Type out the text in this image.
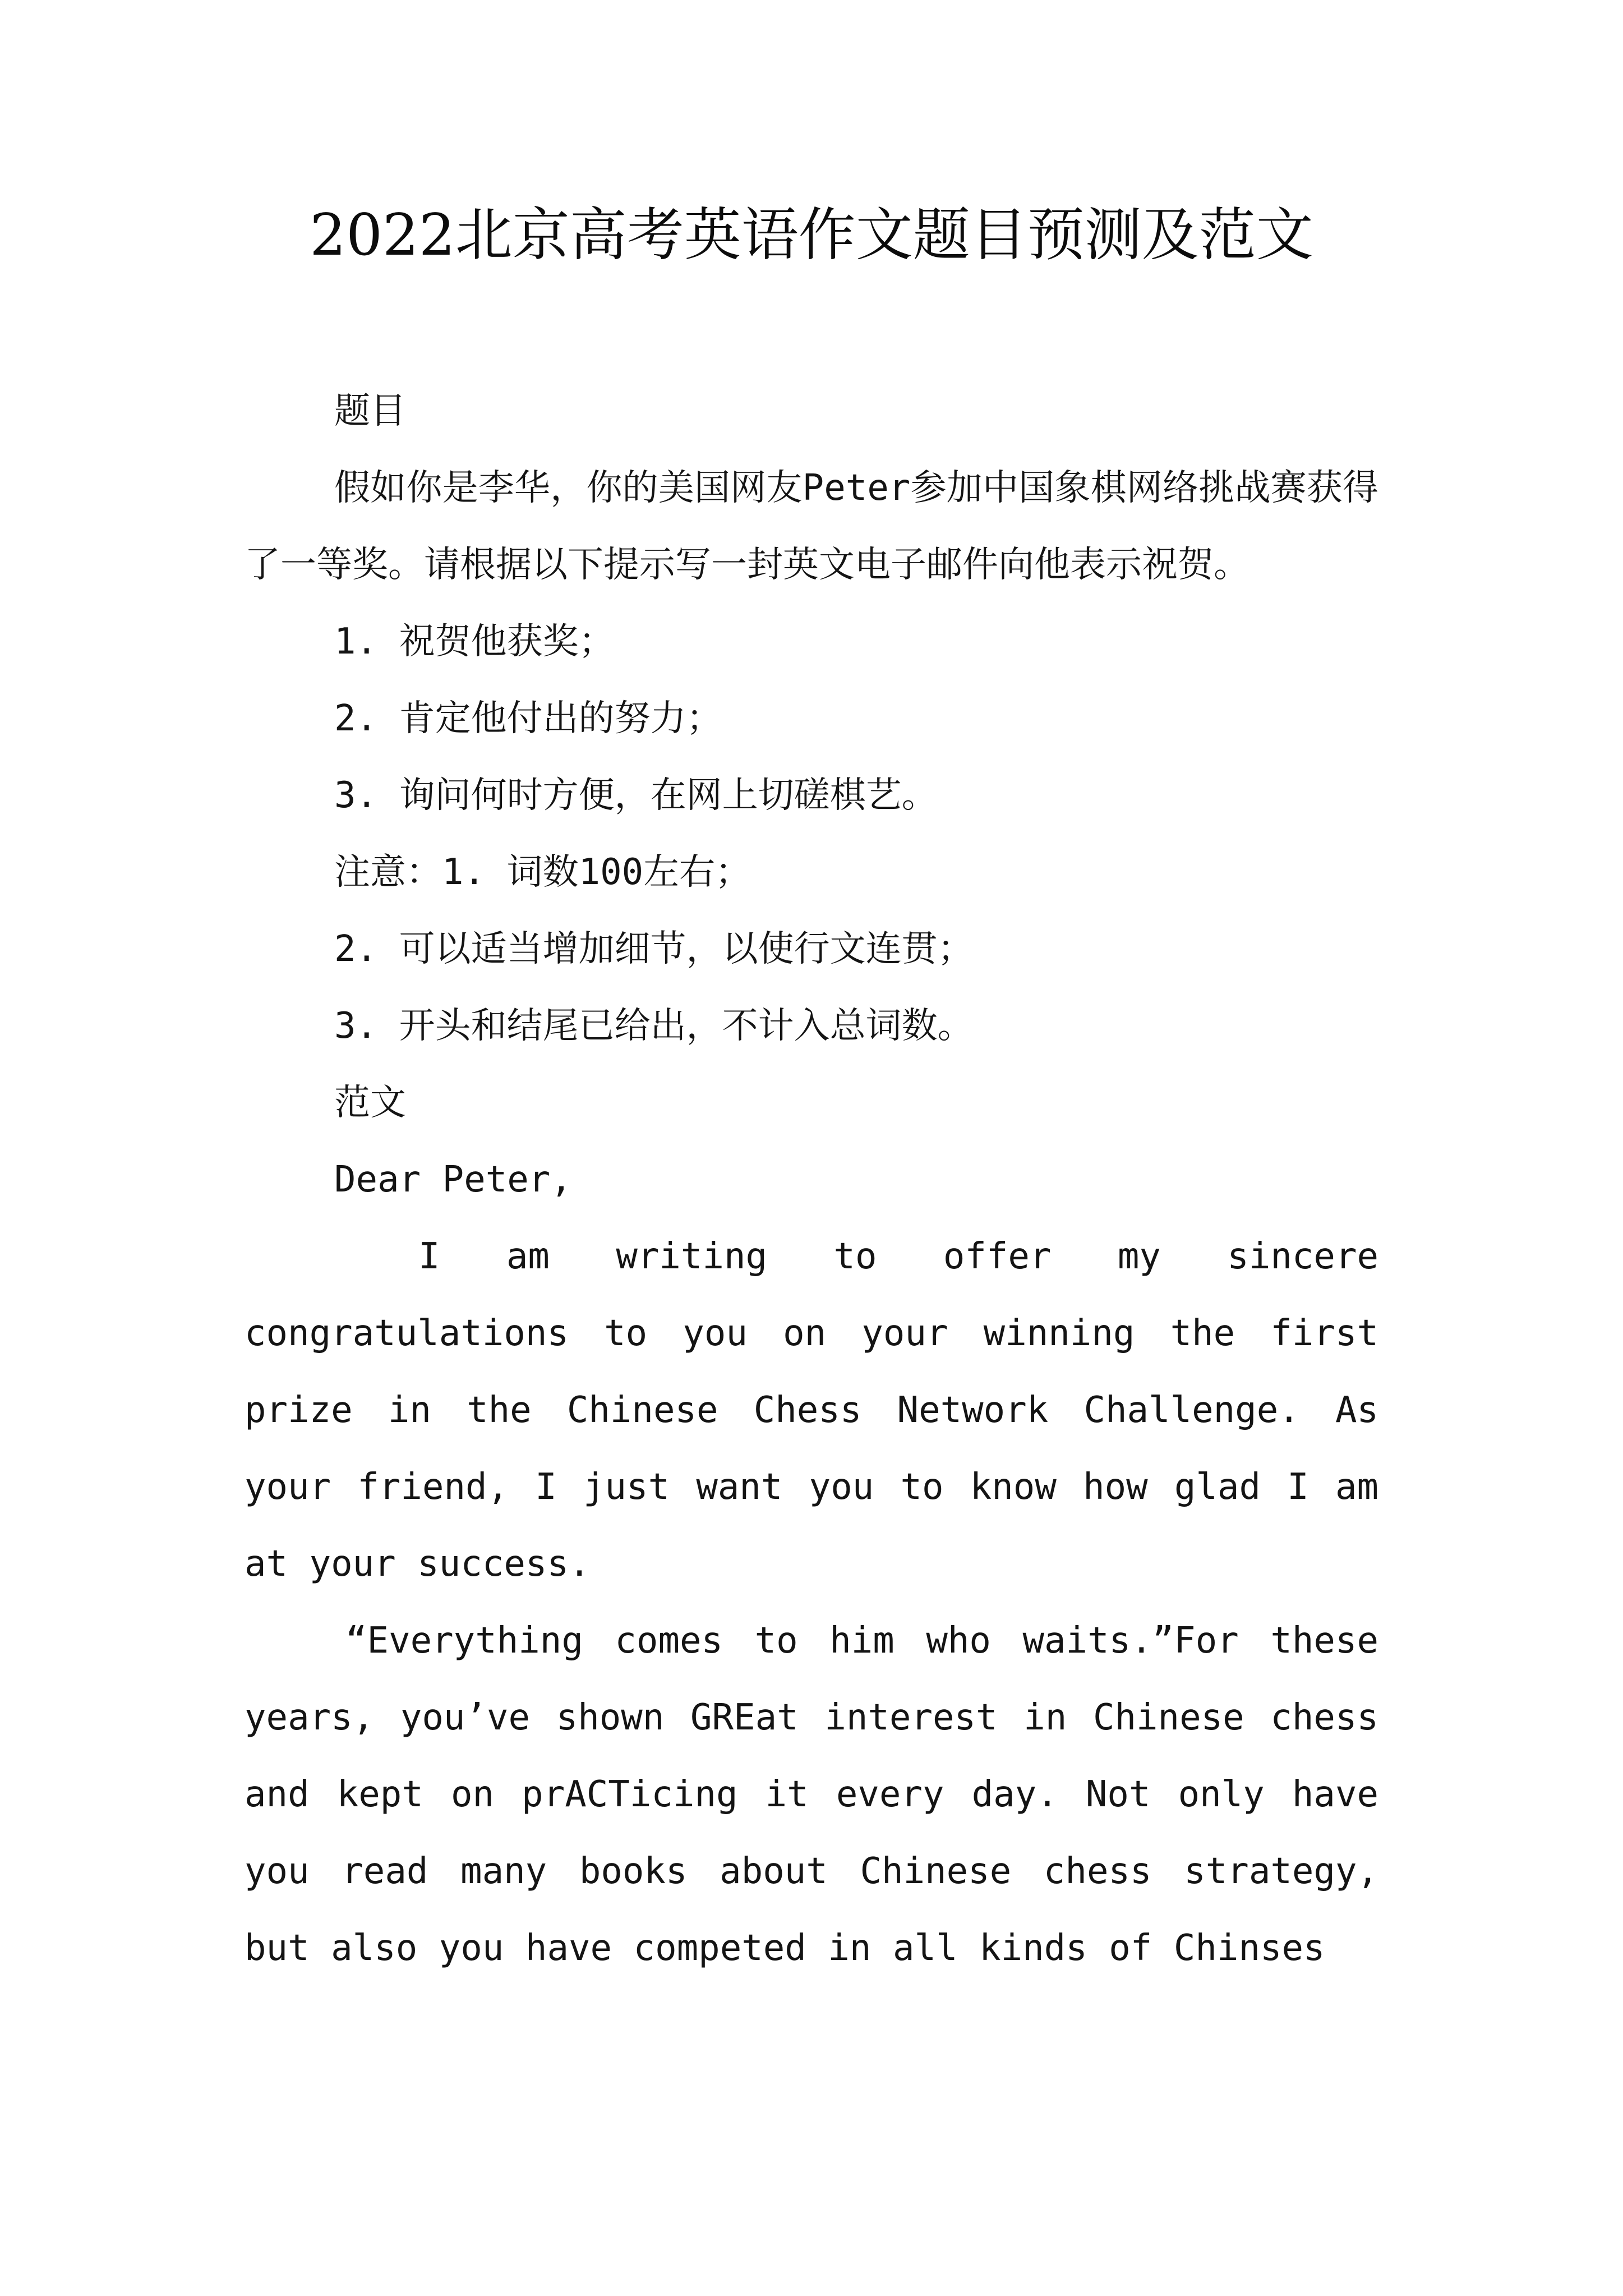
2022北京高考英语作文题目预测及范文

题目

假如你是李华，你的美国网友Peter参加中国象棋网络挑战赛获得了一等奖。请根据以下提示写一封英文电子邮件向他表示祝贺。

1. 祝贺他获奖；

2. 肯定他付出的努力；

3. 询问何时方便，在网上切磋棋艺。

注意：1. 词数100左右；

2. 可以适当增加细节，以使行文连贯；

3. 开头和结尾已给出，不计入总词数。

范文

Dear Peter,

I am writing to offer my sincere congratulations to you on your winning the first prize in the Chinese Chess Network Challenge. As your friend, I just want you to know how glad I am at your success.

“Everything comes to him who waits.”For these years, you’ve shown GREat interest in Chinese chess and kept on prACTicing it every day. Not only have you read many books about Chinese chess strategy, but also you have competed in all kinds of Chinses
